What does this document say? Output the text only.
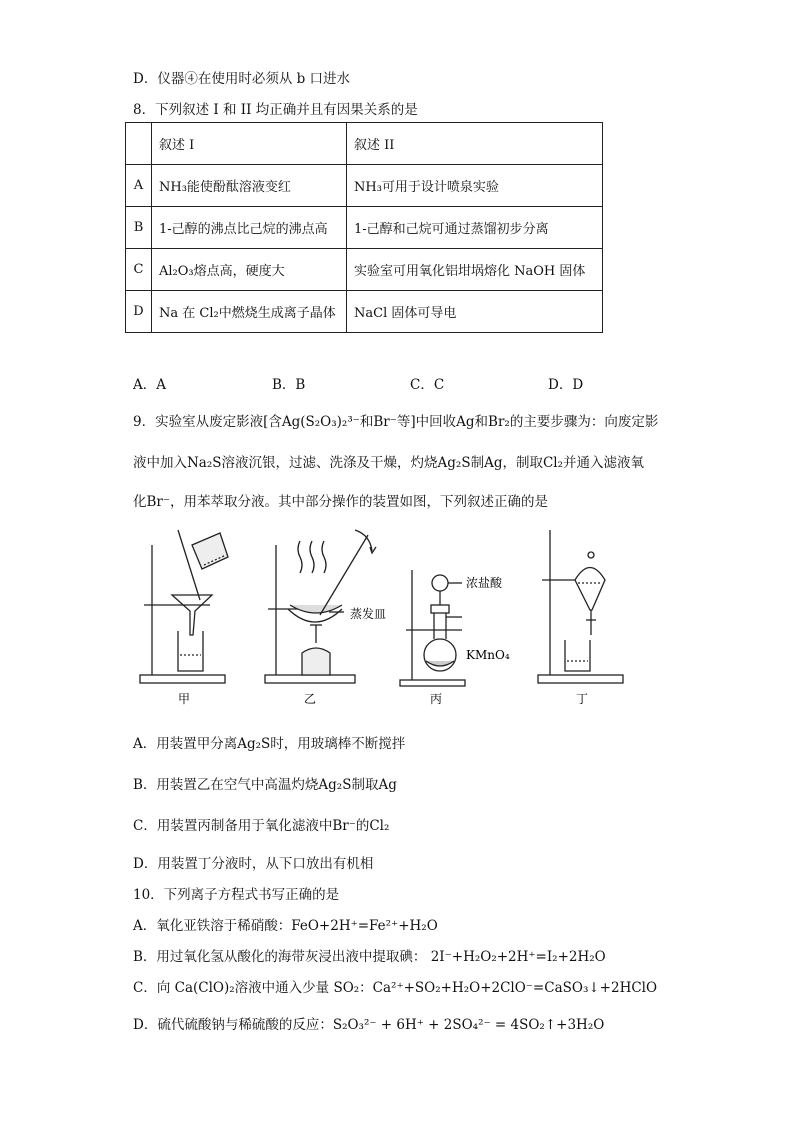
D．仪器④在使用时必须从 b 口进水
8．下列叙述 I 和 II 均正确并且有因果关系的是
	叙述 I	叙述 II
A	NH₃能使酚酞溶液变红	NH₃可用于设计喷泉实验
B	1-己醇的沸点比己烷的沸点高	1-己醇和己烷可通过蒸馏初步分离
C	Al₂O₃熔点高，硬度大	实验室可用氧化铝坩埚熔化 NaOH 固体
D	Na 在 Cl₂中燃烧生成离子晶体	NaCl 固体可导电
A．A	B．B	C．C	D．D
9．实验室从废定影液[含Ag(S₂O₃)₂³⁻和Br⁻等]中回收Ag和Br₂的主要步骤为：向废定影
液中加入Na₂S溶液沉银，过滤、洗涤及干燥，灼烧Ag₂S制Ag，制取Cl₂并通入滤液氧
化Br⁻，用苯萃取分液。其中部分操作的装置如图，下列叙述正确的是
蒸发皿
浓盐酸
KMnO₄
甲	乙	丙	丁
A．用装置甲分离Ag₂S时，用玻璃棒不断搅拌
B．用装置乙在空气中高温灼烧Ag₂S制取Ag
C．用装置丙制备用于氧化滤液中Br⁻的Cl₂
D．用装置丁分液时，从下口放出有机相
10．下列离子方程式书写正确的是
A．氧化亚铁溶于稀硝酸：FeO+2H⁺=Fe²⁺+H₂O
B．用过氧化氢从酸化的海带灰浸出液中提取碘： 2I⁻+H₂O₂+2H⁺=I₂+2H₂O
C．向 Ca(ClO)₂溶液中通入少量 SO₂：Ca²⁺+SO₂+H₂O+2ClO⁻=CaSO₃↓+2HClO
D．硫代硫酸钠与稀硫酸的反应：S₂O₃²⁻ + 6H⁺ + 2SO₄²⁻ = 4SO₂↑+3H₂O
